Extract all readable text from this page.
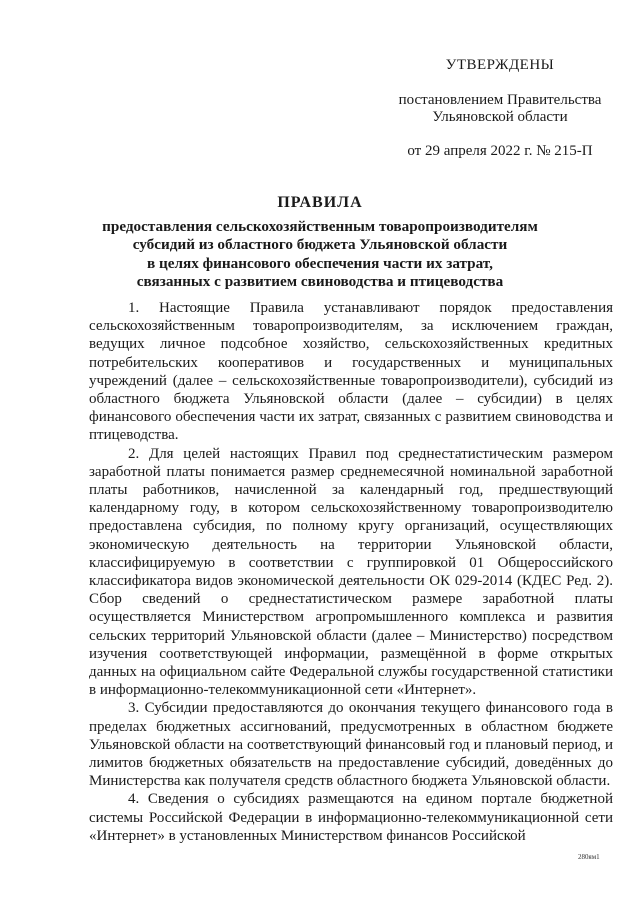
УТВЕРЖДЕНЫ
постановлением Правительства
Ульяновской области
от 29 апреля 2022 г. № 215-П
ПРАВИЛА
предоставления сельскохозяйственным товаропроизводителям
субсидий из областного бюджета Ульяновской области
в целях финансового обеспечения части их затрат,
связанных с развитием свиноводства и птицеводства

1. Настоящие Правила устанавливают порядок предоставления сельскохозяйственным товаропроизводителям, за исключением граждан, ведущих личное подсобное хозяйство, сельскохозяйственных кредитных потребительских кооперативов и государственных и муниципальных учреждений (далее – сельскохозяйственные товаропроизводители), субсидий из областного бюджета Ульяновской области (далее – субсидии) в целях финансового обеспечения части их затрат, связанных с развитием свиноводства и птицеводства.

2. Для целей настоящих Правил под среднестатистическим размером заработной платы понимается размер среднемесячной номинальной заработной платы работников, начисленной за календарный год, предшествующий календарному году, в котором сельскохозяйственному товаропроизводителю предоставлена субсидия, по полному кругу организаций, осуществляющих экономическую деятельность на территории Ульяновской области, классифицируемую в соответствии с группировкой 01 Общероссийского классификатора видов экономической деятельности ОК 029-2014 (КДЕС Ред. 2). Сбор сведений о среднестатистическом размере заработной платы осуществляется Министерством агропромышленного комплекса и развития сельских территорий Ульяновской области (далее – Министерство) посредством изучения соответствующей информации, размещённой в форме открытых данных на официальном сайте Федеральной службы государственной статистики в информационно-телекоммуникационной сети «Интернет».

3. Субсидии предоставляются до окончания текущего финансового года в пределах бюджетных ассигнований, предусмотренных в областном бюджете Ульяновской области на соответствующий финансовый год и плановый период, и лимитов бюджетных обязательств на предоставление субсидий, доведённых до Министерства как получателя средств областного бюджета Ульяновской области.

4. Сведения о субсидиях размещаются на едином портале бюджетной системы Российской Федерации в информационно-телекоммуникационной сети «Интернет» в установленных Министерством финансов Российской

280ям1
